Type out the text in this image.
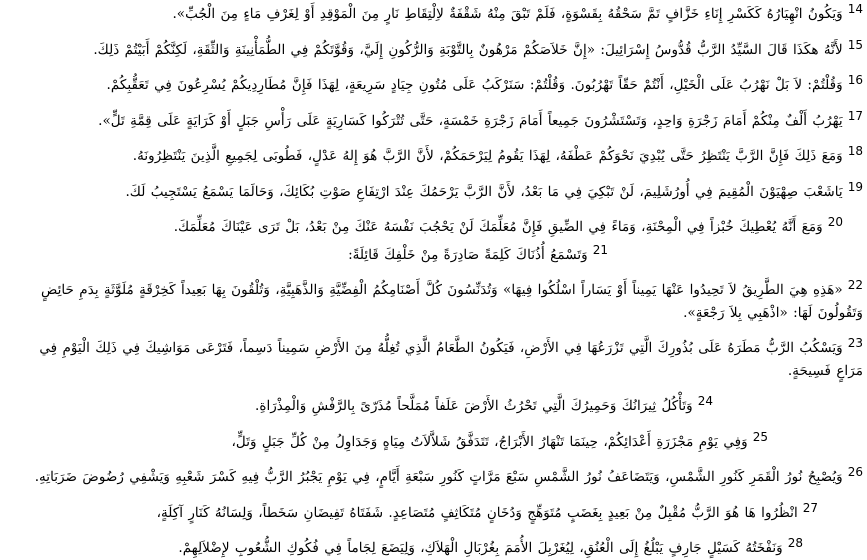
14وَيَكُونُ انْهِيَارُهُ كَكَسْرِ إِنَاءِ خَزَّافٍ تَمَّ سَحْقُهُ بِقَسْوَةٍ، فَلَمْ تَبْقَ مِنْهُ شَقْفَةٌ لاِلْتِقَاطِ نَارٍ مِنَ الْمَوْقِدِ أَوْ لِغَرْفِ مَاءٍ مِنَ الْجُبِّ».

15لأَنَّهُ هكَذَا قَالَ السَّيِّدُ الرَّبُّ قُدُّوسُ إِسْرَائِيلَ: «إِنَّ خَلاَصَكُمْ مَرْهُونٌ بِالتَّوْبَةِ وَالرُّكُونِ إِلَيَّ، وَقُوَّتَكُمْ فِي الطُّمَأْنِينَةِ وَالثِّقَةِ، لَكِنَّكُمْ أَبَيْتُمْ ذَلِكَ.

16وَقُلْتُمْ: لاَ بَلْ نَهْرُبُ عَلَى الْخَيْلِ، أَنْتُمْ حَقّاً تَهْرُبُونَ. وَقُلْتُمْ: سَنَرْكَبُ عَلَى مُتُونِ جِيَادٍ سَرِيعَةٍ، لِهَذَا فَإِنَّ مُطَارِدِيكُمْ يُسْرِعُونَ فِي تَعَقُّبِكُمْ.

17يَهْرُبُ أَلْفٌ مِنْكُمْ أَمَامَ زَجْرَةِ وَاحِدٍ، وَتَسْتَشْرُونَ جَمِيعاً أَمَامَ زَجْرَةِ خَمْسَةٍ، حَتَّى تُتْرَكُوا كَسَارِيَةٍ عَلَى رَأْسِ جَبَلٍ أَوْ كَرَايَةٍ عَلَى قِمَّةِ تَلٍّ».

18وَمَعَ ذَلِكَ فَإِنَّ الرَّبَّ يَنْتَظِرُ حَتَّى يُبْدِيَ نَحْوَكُمْ عَطْفَهُ، لِهَذَا يَقُومُ لِيَرْحَمَكُمْ، لأَنَّ الرَّبَّ هُوَ إِلهُ عَدْلٍ، فَطُوبَى لِجَمِيعِ الَّذِينَ يَنْتَظِرُونَهُ.

19يَاشَعْبَ صِهْيَوْنَ الْمُقِيمَ فِي أُورُشَلِيمَ، لَنْ تَبْكِيَ فِي مَا بَعْدُ، لأَنَّ الرَّبَّ يَرْحَمُكَ عِنْدَ ارْتِفَاعِ صَوْتِ بُكَائِكَ، وَحَالَمَا يَسْمَعُ يَسْتَجِيبُ لَكَ.

20وَمَعَ أَنَّهُ يُعْطِيكَ خُبْزاً فِي الْمِحْنَةِ، وَمَاءً فِي الضِّيقِ فَإِنَّ مُعَلِّمَكَ لَنْ يَحْجُبَ نَفْسَهُ عَنْكَ مِنْ بَعْدُ، بَلْ تَرَى عَيْنَاكَ مُعَلِّمَكَ.

21وَتَسْمَعُ أُذُنَاكَ كَلِمَةً صَادِرَةً مِنْ خَلْفِكَ قَائِلَةً:

22«هَذِهِ هِيَ الطَّرِيقُ لاَ تَحِيدُوا عَنْهَا يَمِيناً أَوْ يَسَاراً اسْلُكُوا فِيهَا» وَتُدَنِّسُونَ كُلَّ أَصْنَامِكُمُ الْفِضِّيَّةِ وَالذَّهَبِيَّةِ، وَتُلْقُونَ بِهَا بَعِيداً كَخِرْقَةٍ مُلَوَّثَةٍ بِدَمِ حَائِضٍ وَتَقُولُونَ لَهَا: «اذْهَبِي بِلاَ رَجْعَةٍ».

23وَيَسْكُبُ الرَّبُّ مَطَرَهُ عَلَى بُذُورِكَ الَّتِي تَزْرَعُهَا فِي الأَرْضِ، فَيَكُونُ الطَّعَامُ الَّذِي تُغِلُّهُ مِنَ الأَرْضِ سَمِيناً دَسِماً، فَتَرْعَى مَوَاشِيكَ فِي ذَلِكَ الْيَوْمِ فِي مَرَاعٍ فَسِيحَةٍ.

24وَتَأْكُلُ ثِيرَانُكَ وَحَمِيرُكَ الَّتِي تَحْرُثُ الأَرْضَ عَلَفاً مُمَلَّحاً مُذَرّىً بِالرَّفْشِ وَالْمِذْرَاةِ.

25وَفِي يَوْمِ مَجْزَرَةِ أَعْدَائِكُمْ، حِينَمَا تَنْهَارُ الأَبْرَاجُ، تَتَدَفَّقُ شَلاَّلاَتُ مِيَاهٍ وَجَدَاوِلُ مِنْ كُلِّ جَبَلٍ وَتَلٍّ،

26وَيُصْبِحُ نُورُ الْقَمَرِ كَنُورِ الشَّمْسِ، وَيَتَضَاعَفُ نُورُ الشَّمْسِ سَبْعَ مَرَّاتٍ كَنُورِ سَبْعَةِ أَيَّامٍ، فِي يَوْمِ يَجْبُرُ الرَّبُّ فِيهِ كَسْرَ شَعْبِهِ وَيَشْفِي رُضُوضَ ضَرَبَاتِهِ.

27انْظُرُوا هَا هُوَ الرَّبُّ مُقْبِلٌ مِنْ بَعِيدٍ بِغَضَبٍ مُتَوَهِّجٍ وَدُخَانٍ مُتَكَاثِفٍ مُتَصَاعِدٍ. شَفَتَاهُ تَفِيضَانِ سَخَطاً، وَلِسَانُهُ كَنَارٍ آكِلَةٍ،

28وَنَفْخَتُهُ كَسَيْلٍ جَارِفٍ يَبْلُغُ إِلَى الْعُنُقِ، لِيُغَرْبِلَ الأُمَمَ بِغُرْبَالِ الْهَلاَكِ، وَلِيَضَعَ لِجَاماً فِي فُكُوكِ الشُّعُوبِ لإِضْلاَلِهِمْ.
